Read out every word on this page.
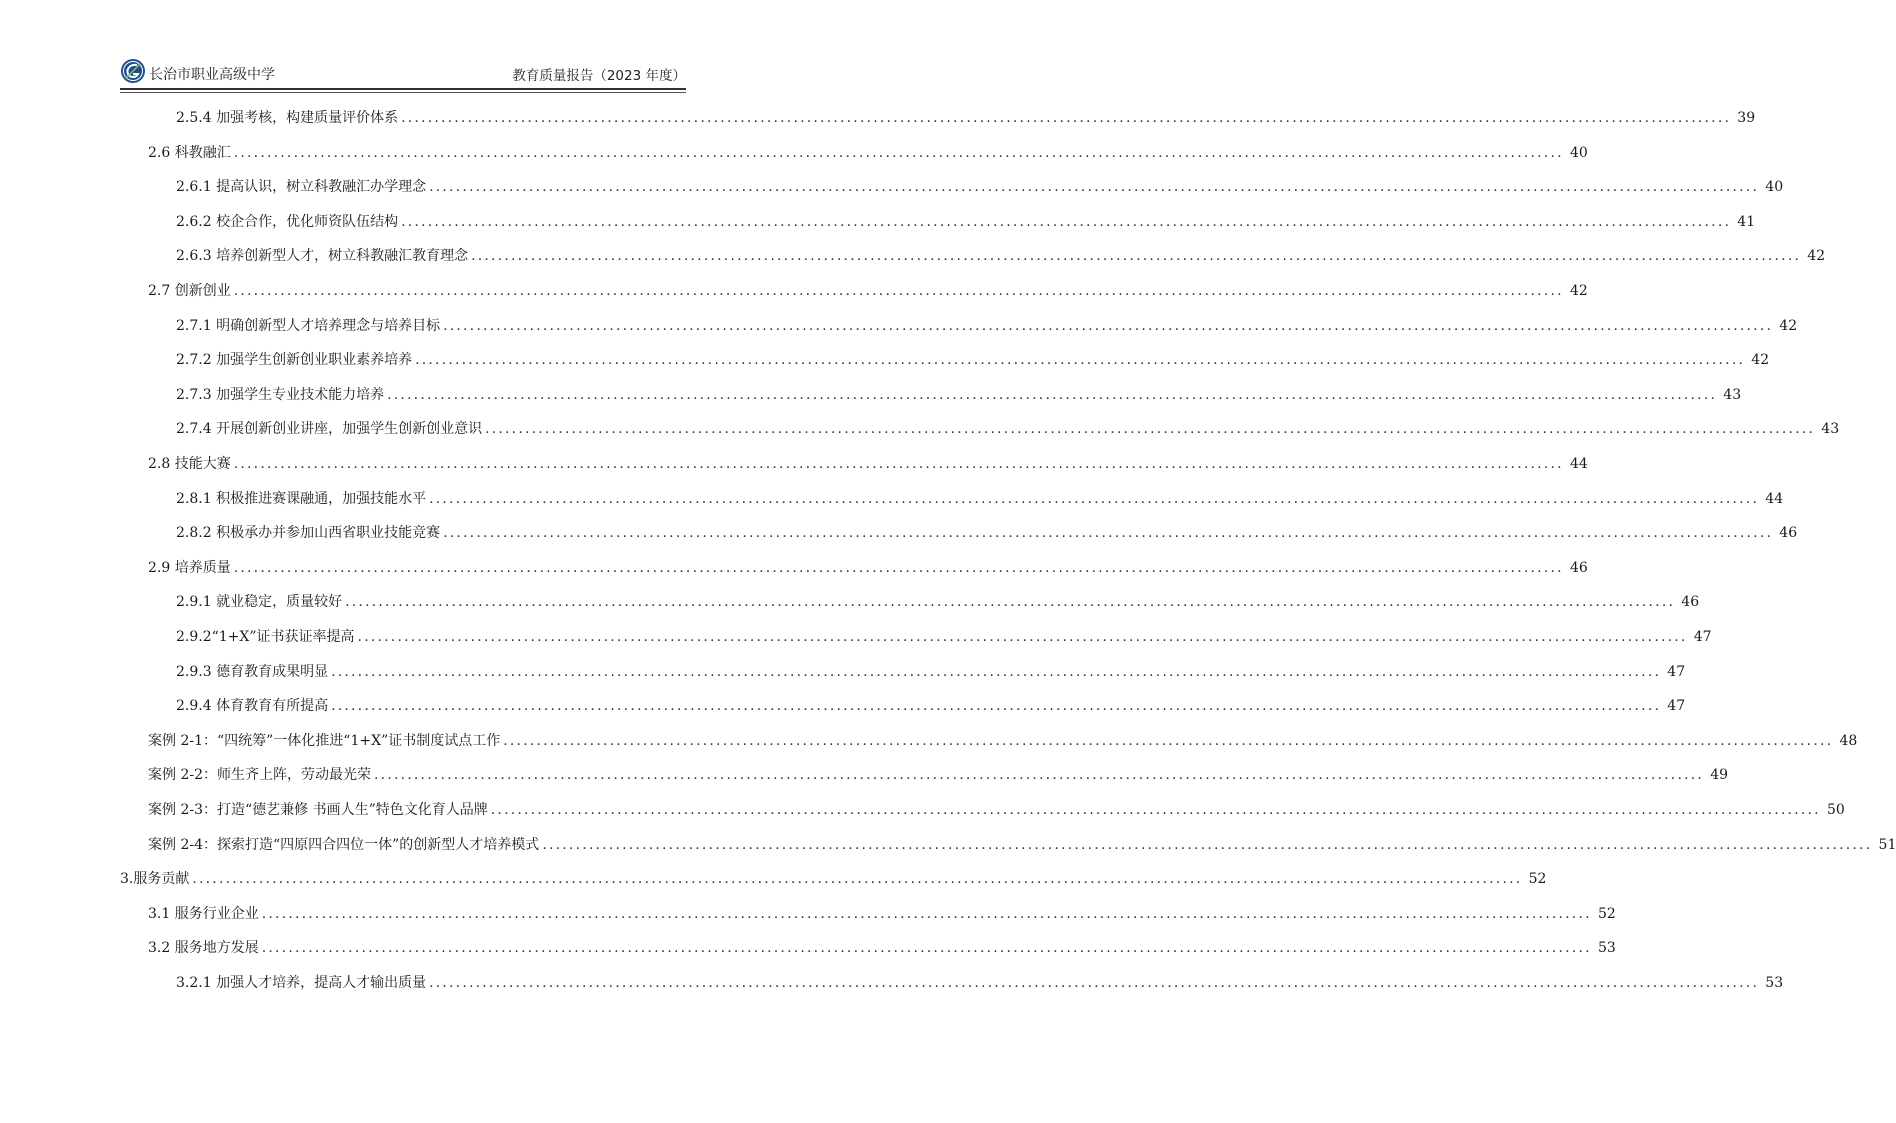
长治市职业高级中学	教育质量报告（2023 年度）
2.5.4 加强考核，构建质量评价体系 ........................................................................................................................................................................................................ 39
2.6 科教融汇 ........................................................................................................................................................................................................ 40
2.6.1 提高认识，树立科教融汇办学理念 ........................................................................................................................................................................................................ 40
2.6.2 校企合作，优化师资队伍结构 ........................................................................................................................................................................................................ 41
2.6.3 培养创新型人才，树立科教融汇教育理念 ........................................................................................................................................................................................................ 42
2.7 创新创业 ........................................................................................................................................................................................................ 42
2.7.1 明确创新型人才培养理念与培养目标 ........................................................................................................................................................................................................ 42
2.7.2 加强学生创新创业职业素养培养 ........................................................................................................................................................................................................ 42
2.7.3 加强学生专业技术能力培养 ........................................................................................................................................................................................................ 43
2.7.4 开展创新创业讲座，加强学生创新创业意识 ........................................................................................................................................................................................................ 43
2.8 技能大赛 ........................................................................................................................................................................................................ 44
2.8.1 积极推进赛课融通，加强技能水平 ........................................................................................................................................................................................................ 44
2.8.2 积极承办并参加山西省职业技能竞赛 ........................................................................................................................................................................................................ 46
2.9 培养质量 ........................................................................................................................................................................................................ 46
2.9.1 就业稳定，质量较好 ........................................................................................................................................................................................................ 46
2.9.2“1+X”证书获证率提高 ........................................................................................................................................................................................................ 47
2.9.3 德育教育成果明显 ........................................................................................................................................................................................................ 47
2.9.4 体育教育有所提高 ........................................................................................................................................................................................................ 47
案例 2-1：“四统筹”一体化推进“1+X”证书制度试点工作 ........................................................................................................................................................................................................ 48
案例 2-2：师生齐上阵，劳动最光荣 ........................................................................................................................................................................................................ 49
案例 2-3：打造“德艺兼修 书画人生”特色文化育人品牌 ........................................................................................................................................................................................................ 50
案例 2-4：探索打造“四原四合四位一体”的创新型人才培养模式 ........................................................................................................................................................................................................ 51
3.服务贡献 ........................................................................................................................................................................................................ 52
3.1 服务行业企业 ........................................................................................................................................................................................................ 52
3.2 服务地方发展 ........................................................................................................................................................................................................ 53
3.2.1 加强人才培养，提高人才输出质量 ........................................................................................................................................................................................................ 53
